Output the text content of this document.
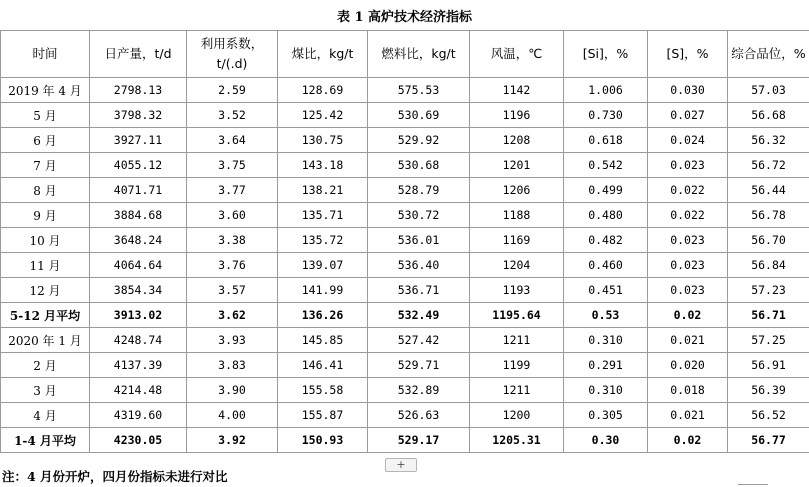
表 1 高炉技术经济指标
时间	日产量，t/d	利用系数，t/(.d)	煤比，kg/t	燃料比，kg/t	风温，℃	[Si]，%	[S]，%	综合品位，%
2019 年 4 月	2798.13	2.59	128.69	575.53	1142	1.006	0.030	57.03
5 月	3798.32	3.52	125.42	530.69	1196	0.730	0.027	56.68
6 月	3927.11	3.64	130.75	529.92	1208	0.618	0.024	56.32
7 月	4055.12	3.75	143.18	530.68	1201	0.542	0.023	56.72
8 月	4071.71	3.77	138.21	528.79	1206	0.499	0.022	56.44
9 月	3884.68	3.60	135.71	530.72	1188	0.480	0.022	56.78
10 月	3648.24	3.38	135.72	536.01	1169	0.482	0.023	56.70
11 月	4064.64	3.76	139.07	536.40	1204	0.460	0.023	56.84
12 月	3854.34	3.57	141.99	536.71	1193	0.451	0.023	57.23
5-12 月平均	3913.02	3.62	136.26	532.49	1195.64	0.53	0.02	56.71
2020 年 1 月	4248.74	3.93	145.85	527.42	1211	0.310	0.021	57.25
2 月	4137.39	3.83	146.41	529.71	1199	0.291	0.020	56.91
3 月	4214.48	3.90	155.58	532.89	1211	0.310	0.018	56.39
4 月	4319.60	4.00	155.87	526.63	1200	0.305	0.021	56.52
1-4 月平均	4230.05	3.92	150.93	529.17	1205.31	0.30	0.02	56.77
+
注：4 月份开炉，四月份指标未进行对比
